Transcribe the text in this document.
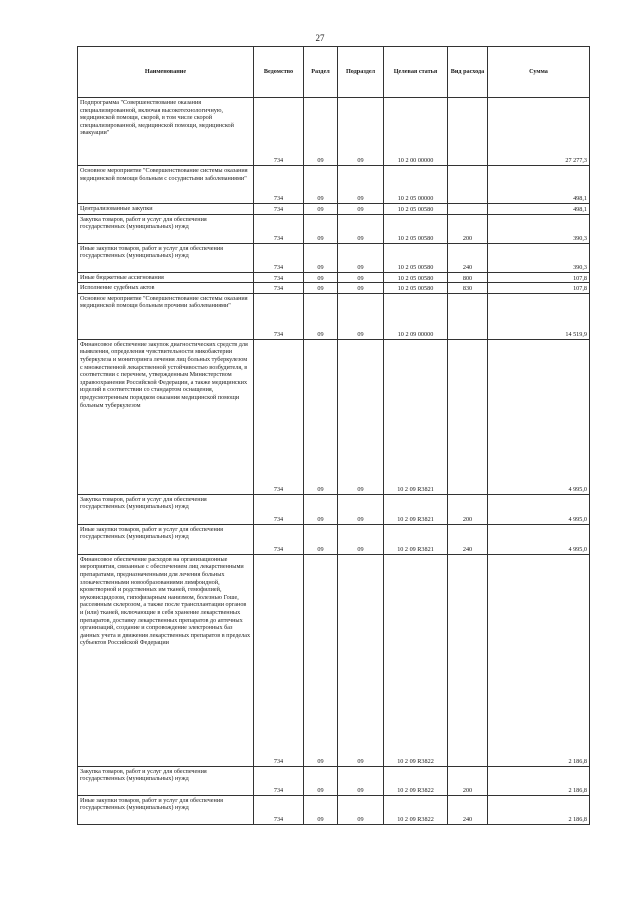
27
Наименование	Ведомство	Раздел	Подраздел	Целевая статья	Вид расхода	Сумма
Подпрограмма "Совершенствование оказания специализированной, включая высокотехнологичную, медицинской помощи, скорой, в том числе скорой специализированной, медицинской помощи, медицинской эвакуации"	734	09	09	10 2 00 00000		27 277,3
Основное мероприятие "Совершенствование системы оказания медицинской помощи больным с сосудистыми заболеваниями"	734	09	09	10 2 05 00000		498,1
Централизованные закупки	734	09	09	10 2 05 00580		498,1
Закупка товаров, работ и услуг для обеспечения государственных (муниципальных) нужд	734	09	09	10 2 05 00580	200	390,3
Иные закупки товаров, работ и услуг для обеспечения государственных (муниципальных) нужд	734	09	09	10 2 05 00580	240	390,3
Иные бюджетные ассигнования	734	09	09	10 2 05 00580	800	107,8
Исполнение судебных актов	734	09	09	10 2 05 00580	830	107,8
Основное мероприятие "Совершенствование системы оказания медицинской помощи больным прочими заболеваниями"	734	09	09	10 2 09 00000		14 519,9
Финансовое обеспечение закупок диагностических средств для выявления, определения чувствительности микобактерии туберкулеза и мониторинга лечения лиц больных туберкулезом с множественной лекарственной устойчивостью возбудителя, в соответствии с перечнем, утвержденным Министерством здравоохранения Российской Федерации, а также медицинских изделий в соответствии со стандартом оснащения, предусмотренным порядком оказания медицинской помощи больным туберкулезом	734	09	09	10 2 09 R3821		4 995,0
Закупка товаров, работ и услуг для обеспечения государственных (муниципальных) нужд	734	09	09	10 2 09 R3821	200	4 995,0
Иные закупки товаров, работ и услуг для обеспечения государственных (муниципальных) нужд	734	09	09	10 2 09 R3821	240	4 995,0
Финансовое обеспечение расходов на организационные мероприятия, связанные с обеспечением лиц лекарственными препаратами, предназначенными для лечения больных злокачественными новообразованиями лимфоидной, кроветворной и родственных им тканей, гемофилией, муковисцидозом, гипофизарным нанизмом, болезнью Гоше, рассеянным склерозом, а также после трансплантации органов и (или) тканей, включающие в себя хранение лекарственных препаратов, доставку лекарственных препаратов до аптечных организаций, создание и сопровождение электронных баз данных учета и движения лекарственных препаратов в пределах субъектов Российской Федерации	734	09	09	10 2 09 R3822		2 186,8
Закупка товаров, работ и услуг для обеспечения государственных (муниципальных) нужд	734	09	09	10 2 09 R3822	200	2 186,8
Иные закупки товаров, работ и услуг для обеспечения государственных (муниципальных) нужд	734	09	09	10 2 09 R3822	240	2 186,8
